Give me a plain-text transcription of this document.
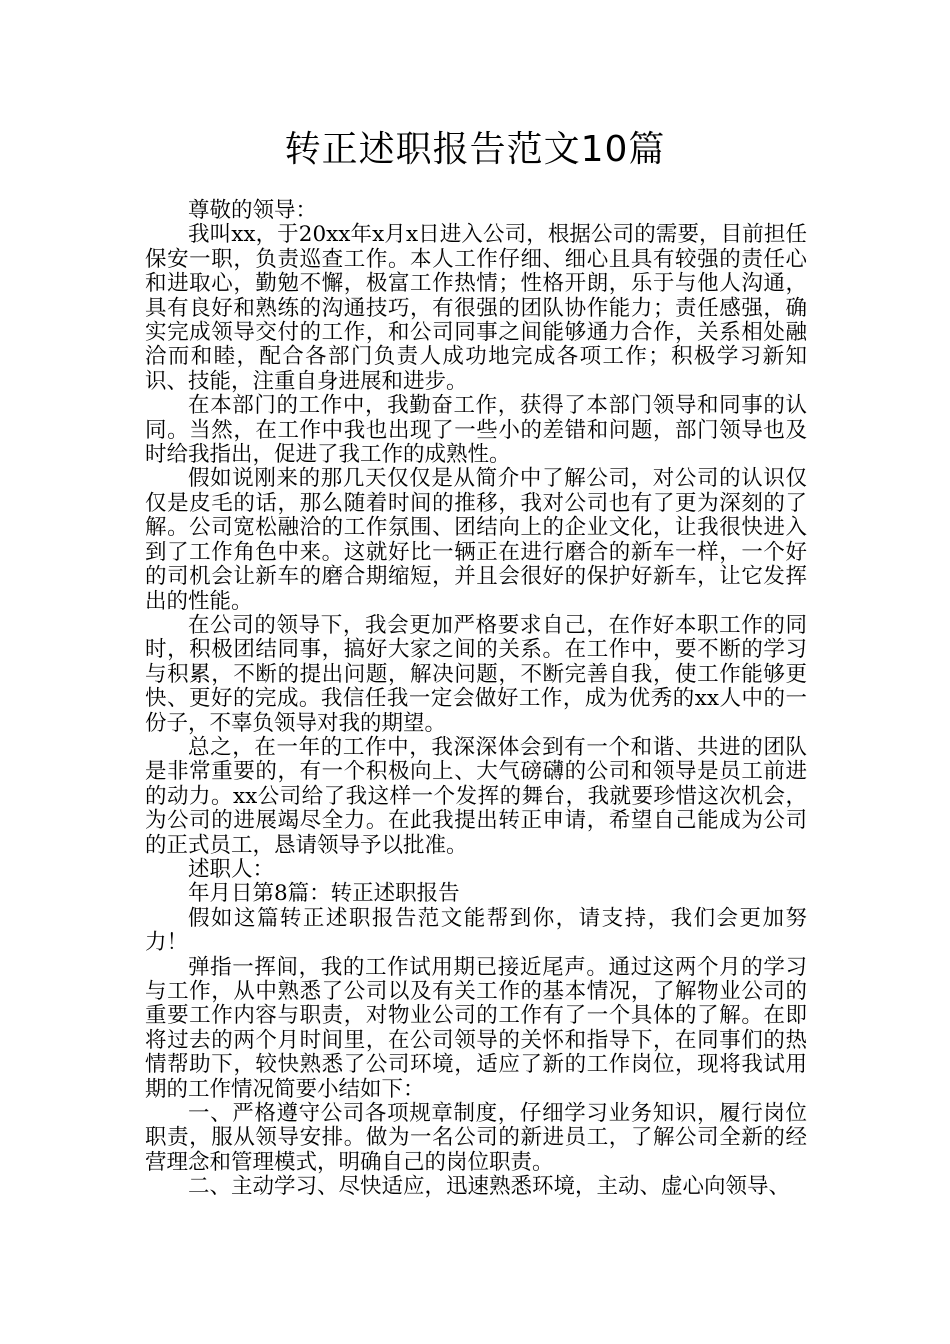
转正述职报告范文10篇

尊敬的领导：

我叫xx，于20xx年x月x日进入公司，根据公司的需要，目前担任保安一职，负责巡查工作。本人工作仔细、细心且具有较强的责任心和进取心，勤勉不懈，极富工作热情；性格开朗，乐于与他人沟通，具有良好和熟练的沟通技巧，有很强的团队协作能力；责任感强，确实完成领导交付的工作，和公司同事之间能够通力合作，关系相处融洽而和睦，配合各部门负责人成功地完成各项工作；积极学习新知识、技能，注重自身进展和进步。

在本部门的工作中，我勤奋工作，获得了本部门领导和同事的认同。当然，在工作中我也出现了一些小的差错和问题，部门领导也及时给我指出，促进了我工作的成熟性。

假如说刚来的那几天仅仅是从简介中了解公司，对公司的认识仅仅是皮毛的话，那么随着时间的推移，我对公司也有了更为深刻的了解。公司宽松融洽的工作氛围、团结向上的企业文化，让我很快进入到了工作角色中来。这就好比一辆正在进行磨合的新车一样，一个好的司机会让新车的磨合期缩短，并且会很好的保护好新车，让它发挥出的性能。

在公司的领导下，我会更加严格要求自己，在作好本职工作的同时，积极团结同事，搞好大家之间的关系。在工作中，要不断的学习与积累，不断的提出问题，解决问题，不断完善自我，使工作能够更快、更好的完成。我信任我一定会做好工作，成为优秀的xx人中的一份子，不辜负领导对我的期望。

总之，在一年的工作中，我深深体会到有一个和谐、共进的团队是非常重要的，有一个积极向上、大气磅礴的公司和领导是员工前进的动力。xx公司给了我这样一个发挥的舞台，我就要珍惜这次机会，为公司的进展竭尽全力。在此我提出转正申请，希望自己能成为公司的正式员工，恳请领导予以批准。

述职人：

年月日第8篇：转正述职报告

假如这篇转正述职报告范文能帮到你，请支持，我们会更加努力！

弹指一挥间，我的工作试用期已接近尾声。通过这两个月的学习与工作，从中熟悉了公司以及有关工作的基本情况，了解物业公司的重要工作内容与职责，对物业公司的工作有了一个具体的了解。在即将过去的两个月时间里，在公司领导的关怀和指导下，在同事们的热情帮助下，较快熟悉了公司环境，适应了新的工作岗位，现将我试用期的工作情况简要小结如下：

一、严格遵守公司各项规章制度，仔细学习业务知识，履行岗位职责，服从领导安排。做为一名公司的新进员工，了解公司全新的经营理念和管理模式，明确自己的岗位职责。

二、主动学习、尽快适应，迅速熟悉环境，主动、虚心向领导、
